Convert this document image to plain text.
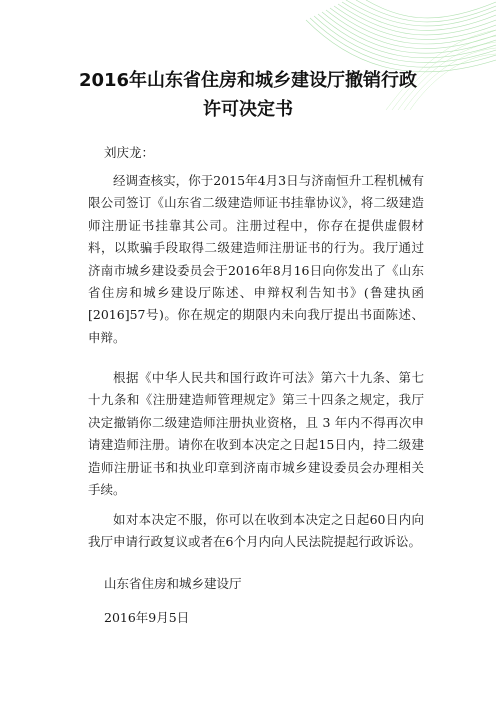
2016年山东省住房和城乡建设厅撤销行政
许可决定书
刘庆龙：

经调查核实，你于2015年4月3日与济南恒升工程机械有限公司签订《山东省二级建造师证书挂靠协议》，将二级建造师注册证书挂靠其公司。注册过程中，你存在提供虚假材料，以欺骗手段取得二级建造师注册证书的行为。我厅通过济南市城乡建设委员会于2016年8月16日向你发出了《山东省住房和城乡建设厅陈述、申辩权利告知书》(鲁建执函[2016]57号)。你在规定的期限内未向我厅提出书面陈述、申辩。

根据《中华人民共和国行政许可法》第六十九条、第七十九条和《注册建造师管理规定》第三十四条之规定，我厅决定撤销你二级建造师注册执业资格，且 3 年内不得再次申请建造师注册。请你在收到本决定之日起15日内，持二级建造师注册证书和执业印章到济南市城乡建设委员会办理相关手续。

如对本决定不服，你可以在收到本决定之日起60日内向我厅申请行政复议或者在6个月内向人民法院提起行政诉讼。

山东省住房和城乡建设厅
2016年9月5日
